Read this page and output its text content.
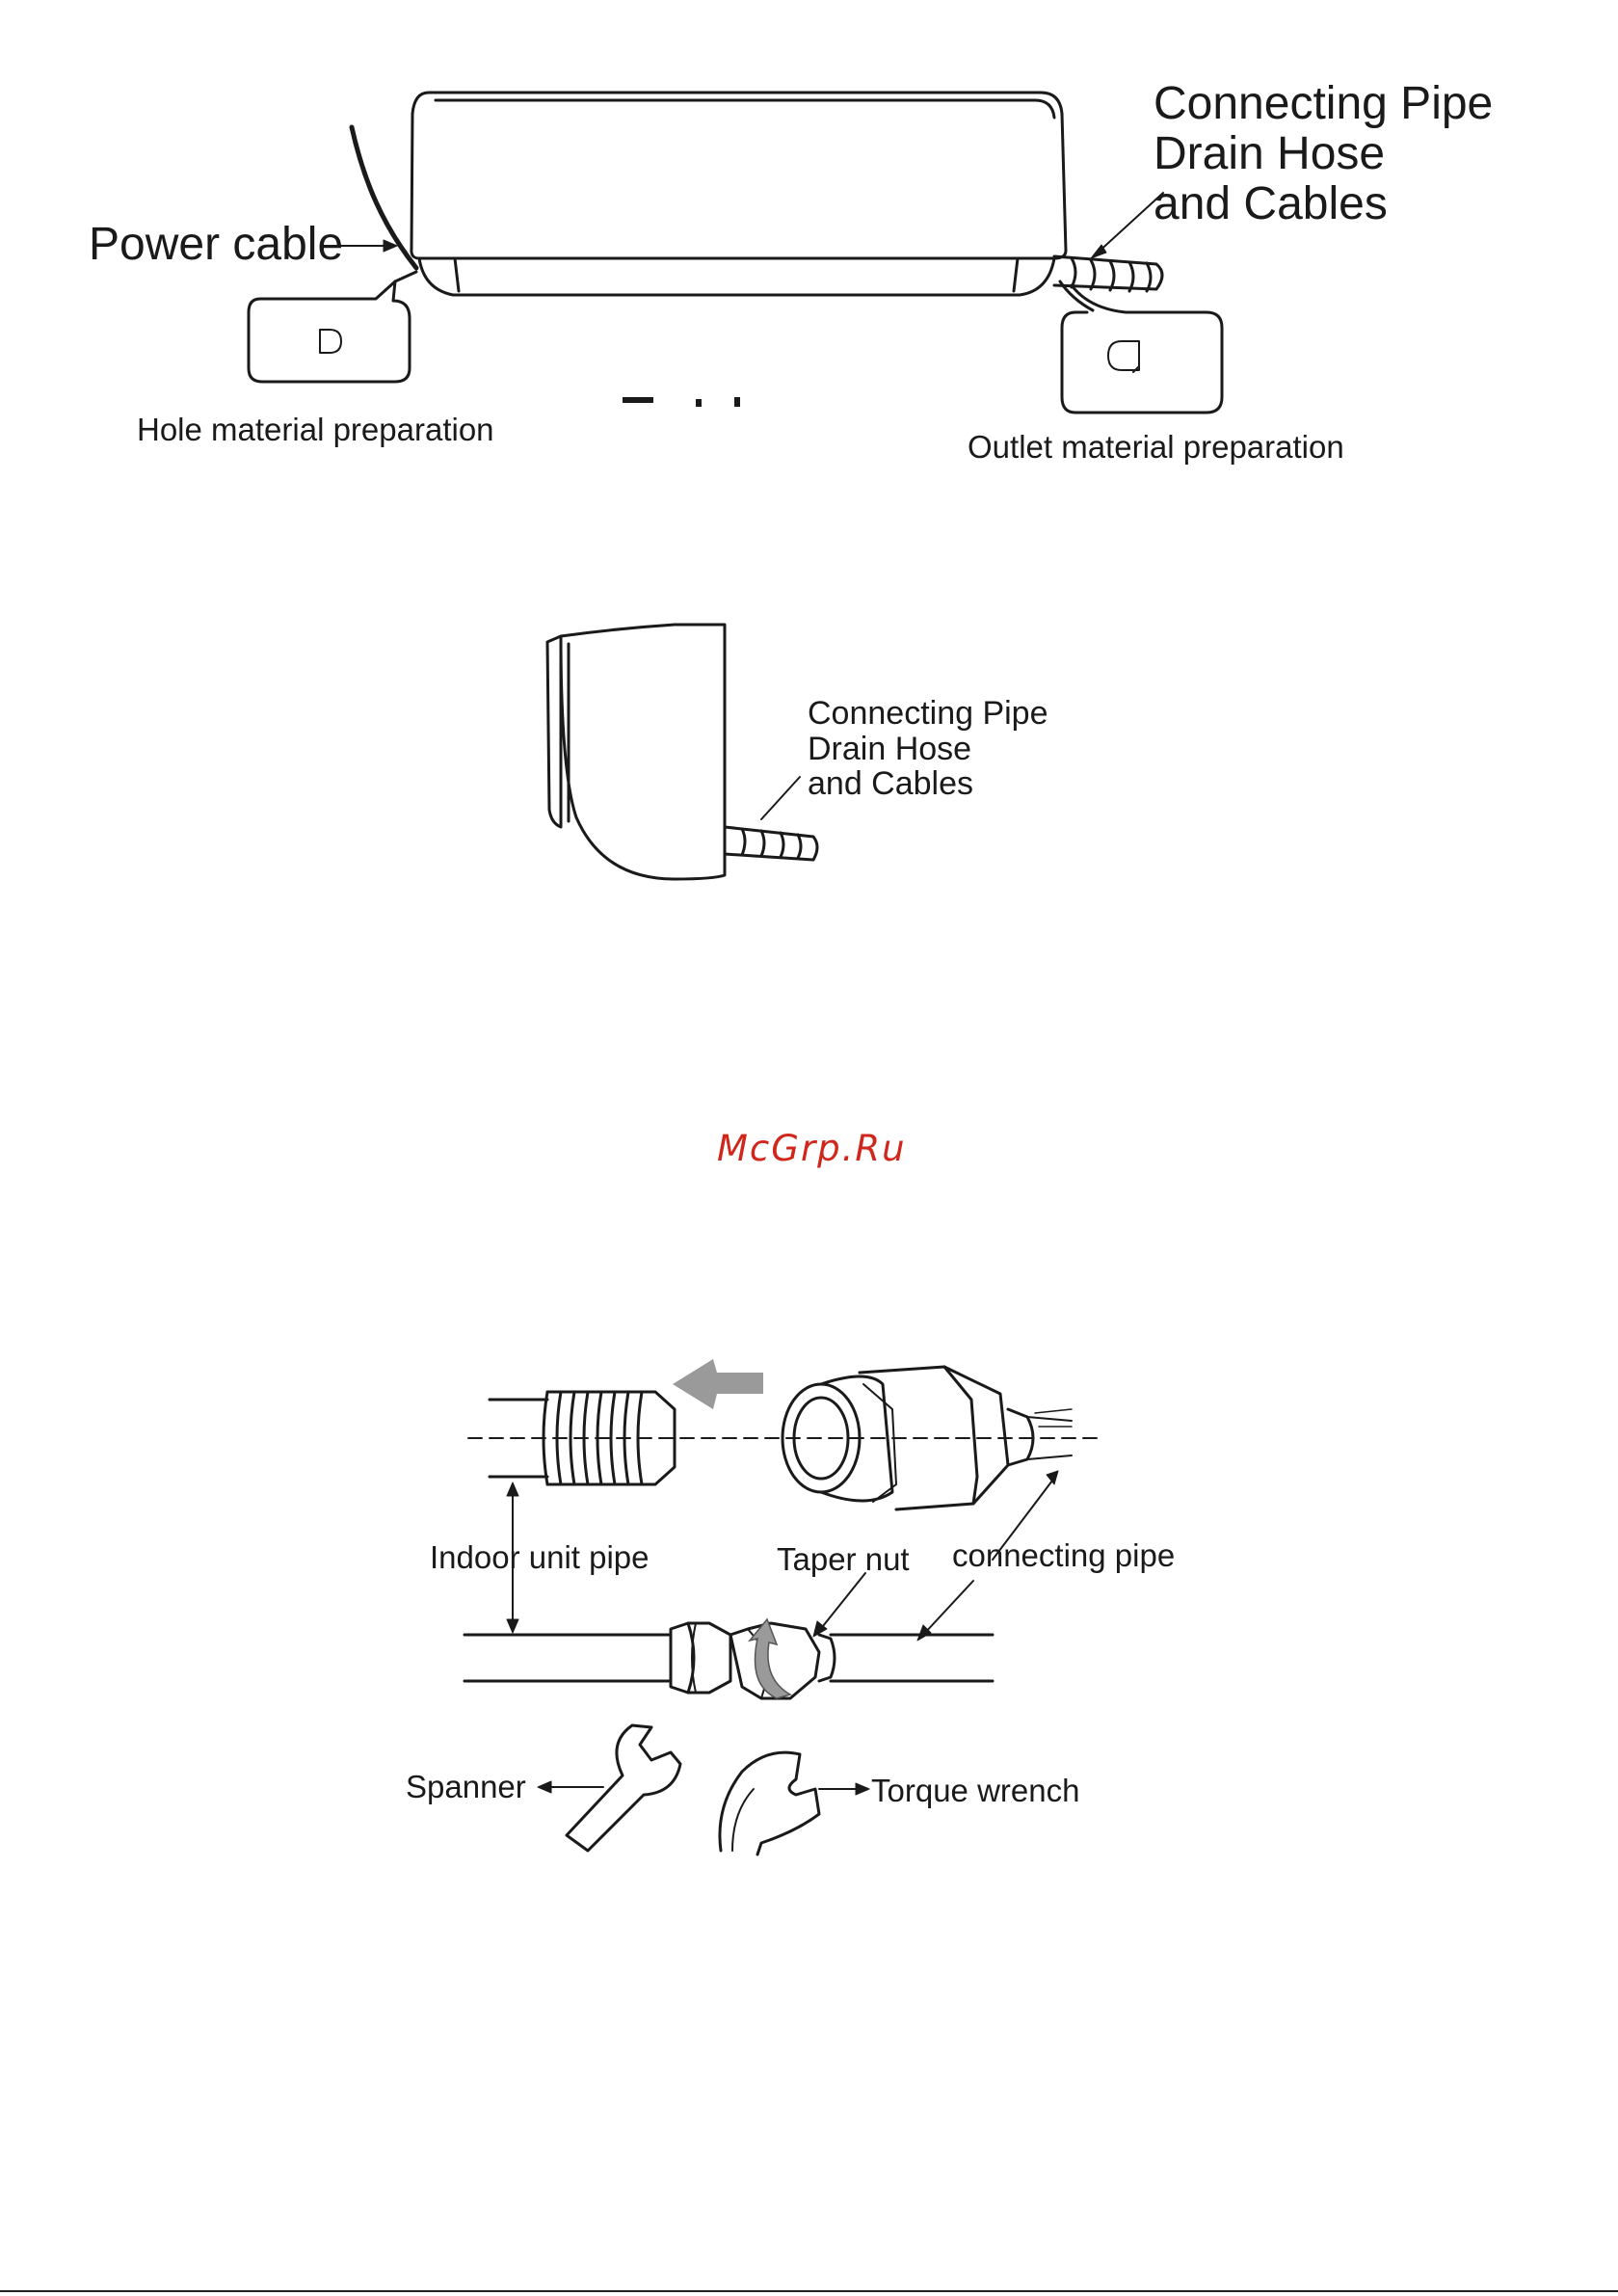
Power cable
Connecting Pipe
Drain Hose
and Cables
Hole material preparation	Outlet material preparation
Connecting Pipe
Drain Hose
and Cables
McGrp.Ru
Indoor unit pipe	Taper nut connecting pipe
Spanner	Torque wrench
